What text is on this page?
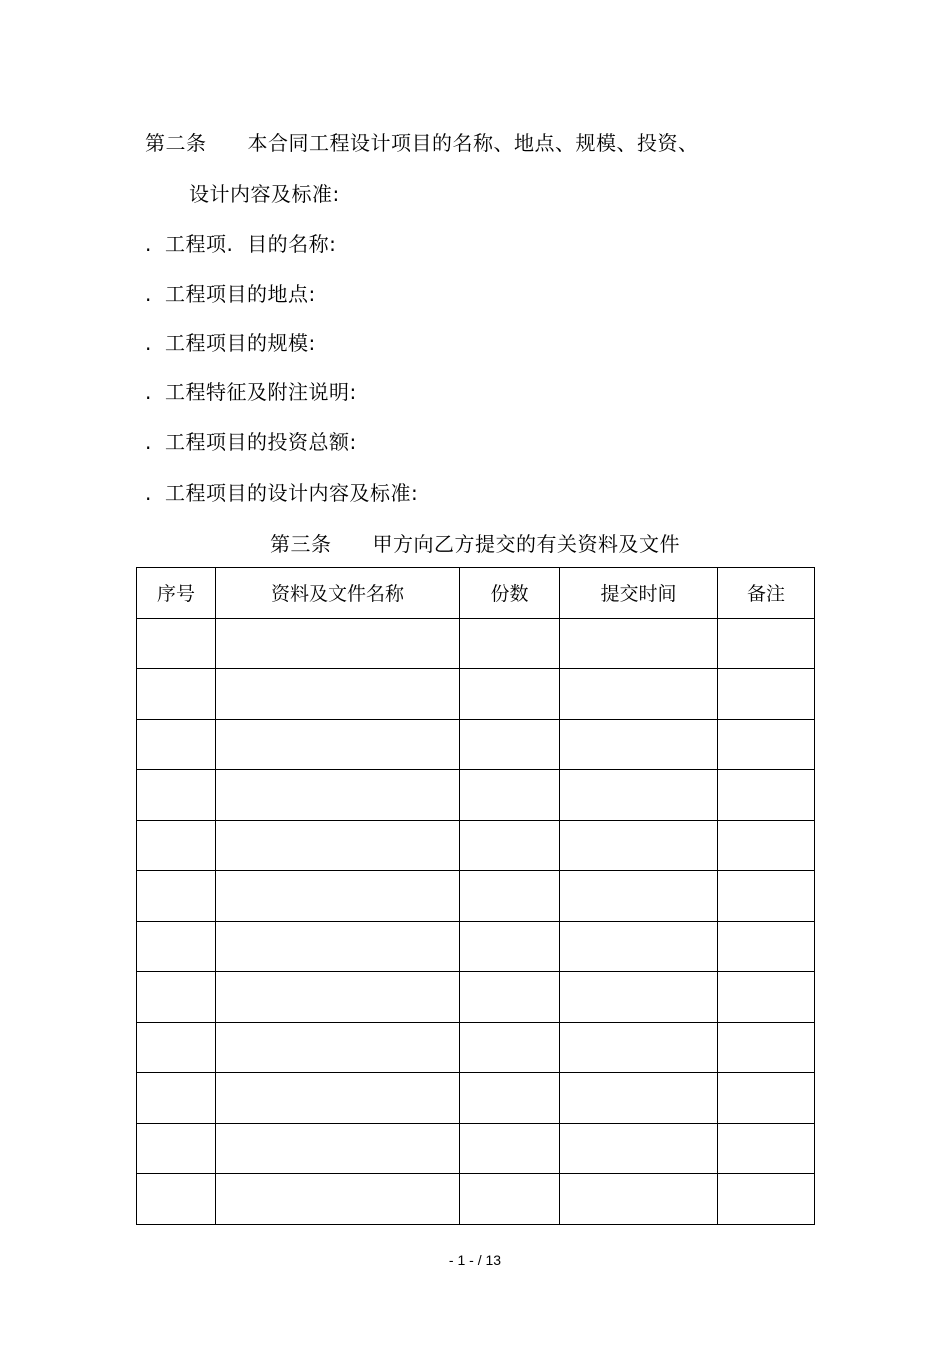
第二条　　本合同工程设计项目的名称、地点、规模、投资、
设计内容及标准:
. 工程项.  目的名称:
. 工程项目的地点:
. 工程项目的规模:
. 工程特征及附注说明:
. 工程项目的投资总额:
. 工程项目的设计内容及标准:
第三条　　甲方向乙方提交的有关资料及文件
序号	资料及文件名称	份数	提交时间	备注

- 1 - / 13
